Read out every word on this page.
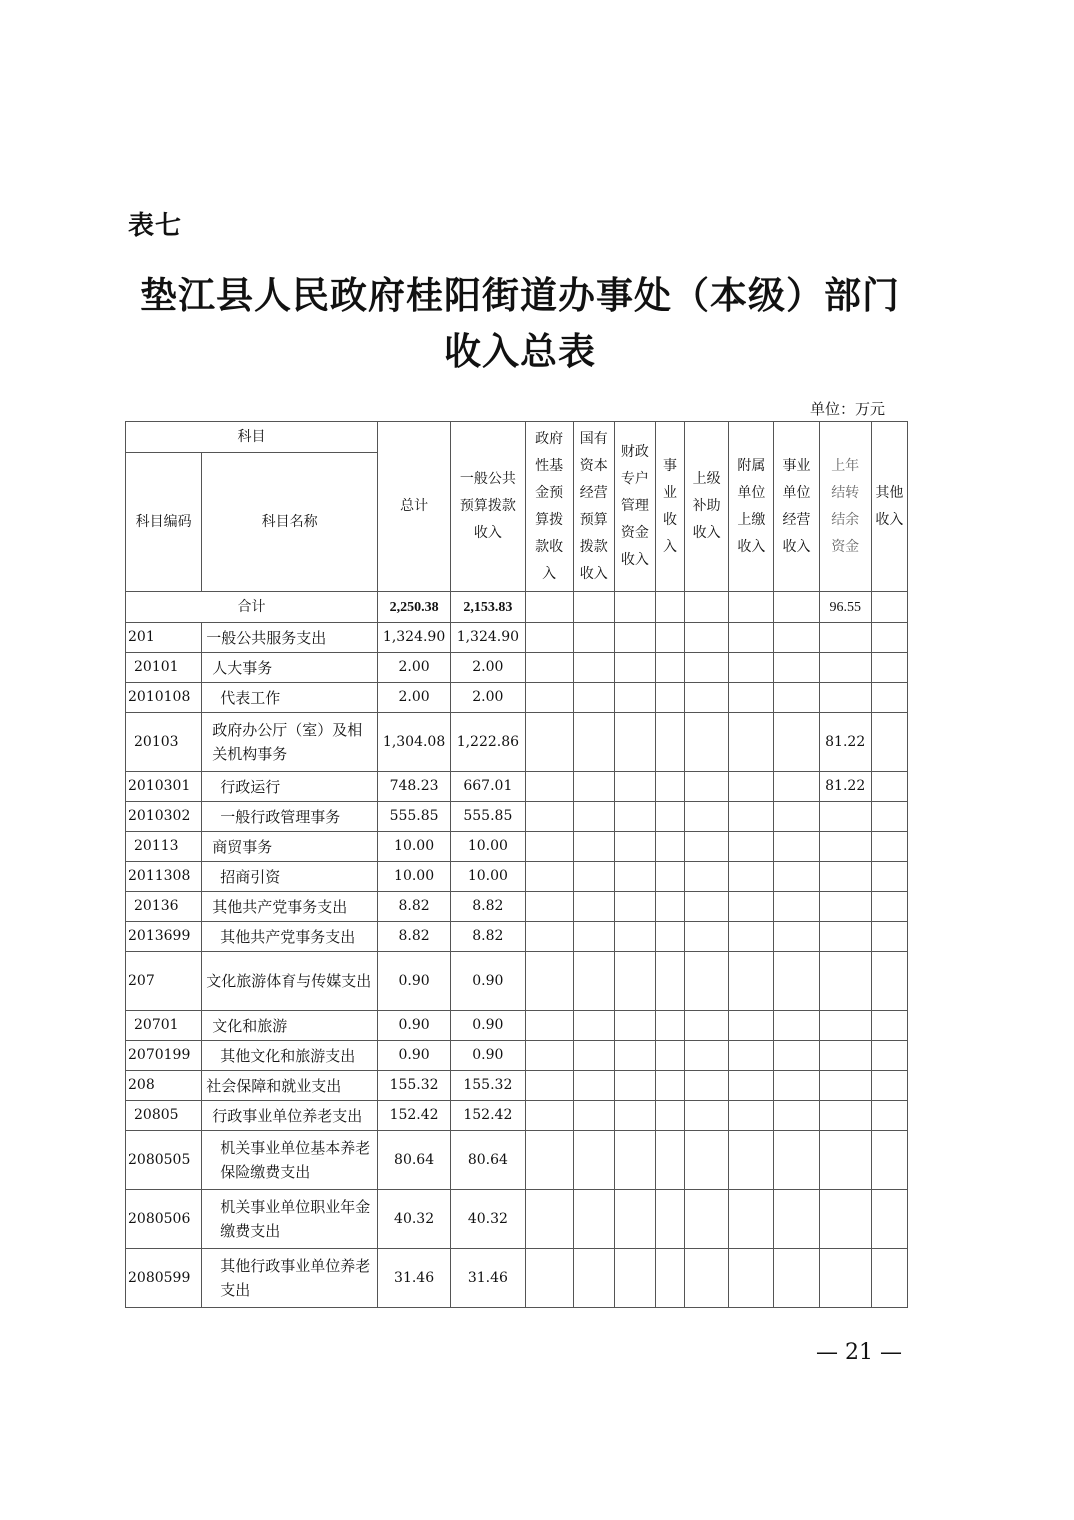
表七
垫江县人民政府桂阳街道办事处（本级）部门
收入总表
单位：万元
科目		总计	一般公共预算拨款收入	政府性基金预算拨款收入	国有资本经营预算拨款收入	财政专户管理资金收入	事业收入	上级补助收入	附属单位上缴收入	事业单位经营收入	上年结转结余资金	其他收入
科目编码	科目名称											
合计		2,250.38	2,153.83								96.55	
201	一般公共服务支出	1,324.90	1,324.90									
20101	人大事务	2.00	2.00									
2010108	代表工作	2.00	2.00									
20103	政府办公厅（室）及相关机构事务	1,304.08	1,222.86								81.22	
2010301	行政运行	748.23	667.01								81.22	
2010302	一般行政管理事务	555.85	555.85									
20113	商贸事务	10.00	10.00									
2011308	招商引资	10.00	10.00									
20136	其他共产党事务支出	8.82	8.82									
2013699	其他共产党事务支出	8.82	8.82									
207	文化旅游体育与传媒支出	0.90	0.90									
20701	文化和旅游	0.90	0.90									
2070199	其他文化和旅游支出	0.90	0.90									
208	社会保障和就业支出	155.32	155.32									
20805	行政事业单位养老支出	152.42	152.42									
2080505	机关事业单位基本养老保险缴费支出	80.64	80.64									
2080506	机关事业单位职业年金缴费支出	40.32	40.32									
2080599	其他行政事业单位养老支出	31.46	31.46									
— 21 —
